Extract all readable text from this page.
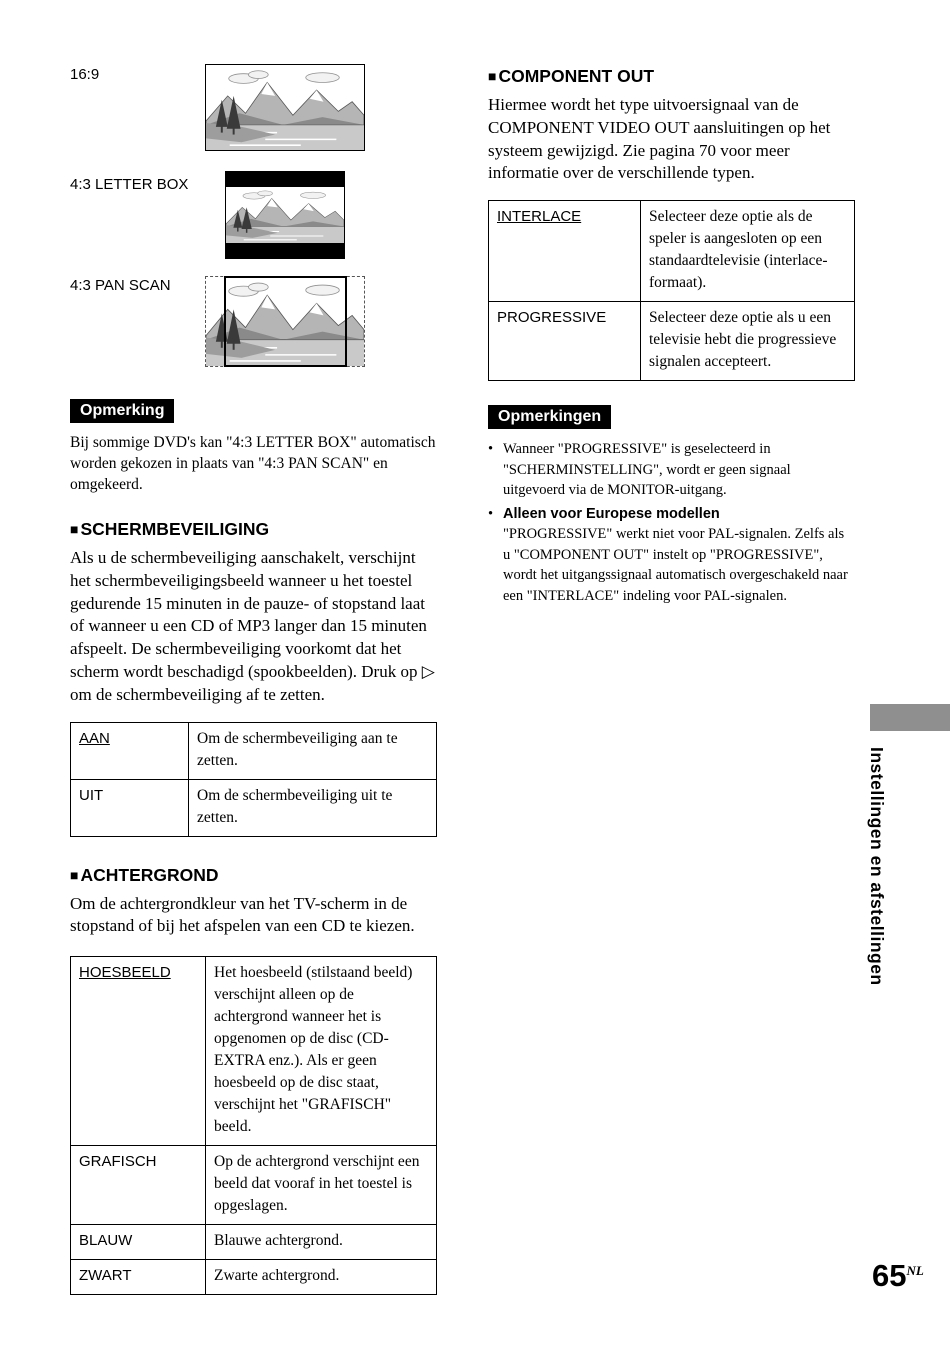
16:9
4:3 LETTER BOX
4:3 PAN SCAN
Opmerking

Bij sommige DVD's kan "4:3 LETTER BOX" automatisch worden gekozen in plaats van "4:3 PAN SCAN" en omgekeerd.

■ SCHERMBEVEILIGING

Als u de schermbeveiliging aanschakelt, verschijnt het schermbeveiligingsbeeld wanneer u het toestel gedurende 15 minuten in de pauze- of stopstand laat of wanneer u een CD of MP3 langer dan 15 minuten afspeelt. De schermbeveiliging voorkomt dat het scherm wordt beschadigd (spookbeelden). Druk op ▷ om de schermbeveiliging af te zetten.

AAN	Om de schermbeveiliging aan te zetten.
UIT	Om de schermbeveiliging uit te zetten.
■ ACHTERGROND

Om de achtergrondkleur van het TV-scherm in de stopstand of bij het afspelen van een CD te kiezen.

HOESBEELD	Het hoesbeeld (stilstaand beeld) verschijnt alleen op de achtergrond wanneer het is opgenomen op de disc (CD-EXTRA enz.). Als er geen hoesbeeld op de disc staat, verschijnt het "GRAFISCH" beeld.
GRAFISCH	Op de achtergrond verschijnt een beeld dat vooraf in het toestel is opgeslagen.
BLAUW	Blauwe achtergrond.
ZWART	Zwarte achtergrond.
■ COMPONENT OUT

Hiermee wordt het type uitvoersignaal van de COMPONENT VIDEO OUT aansluitingen op het systeem gewijzigd. Zie pagina 70 voor meer informatie over de verschillende typen.

INTERLACE	Selecteer deze optie als de speler is aangesloten op een standaardtelevisie (interlace-formaat).
PROGRESSIVE	Selecteer deze optie als u een televisie hebt die progressieve signalen accepteert.
Opmerkingen
• Wanneer "PROGRESSIVE" is geselecteerd in "SCHERMINSTELLING", wordt er geen signaal uitgevoerd via de MONITOR-uitgang.
• Alleen voor Europese modellen
"PROGRESSIVE" werkt niet voor PAL-signalen. Zelfs als u "COMPONENT OUT" instelt op "PROGRESSIVE", wordt het uitgangssignaal automatisch overgeschakeld naar een "INTERLACE" indeling voor PAL-signalen.
Instellingen en afstellingen
$65^{NL}$
